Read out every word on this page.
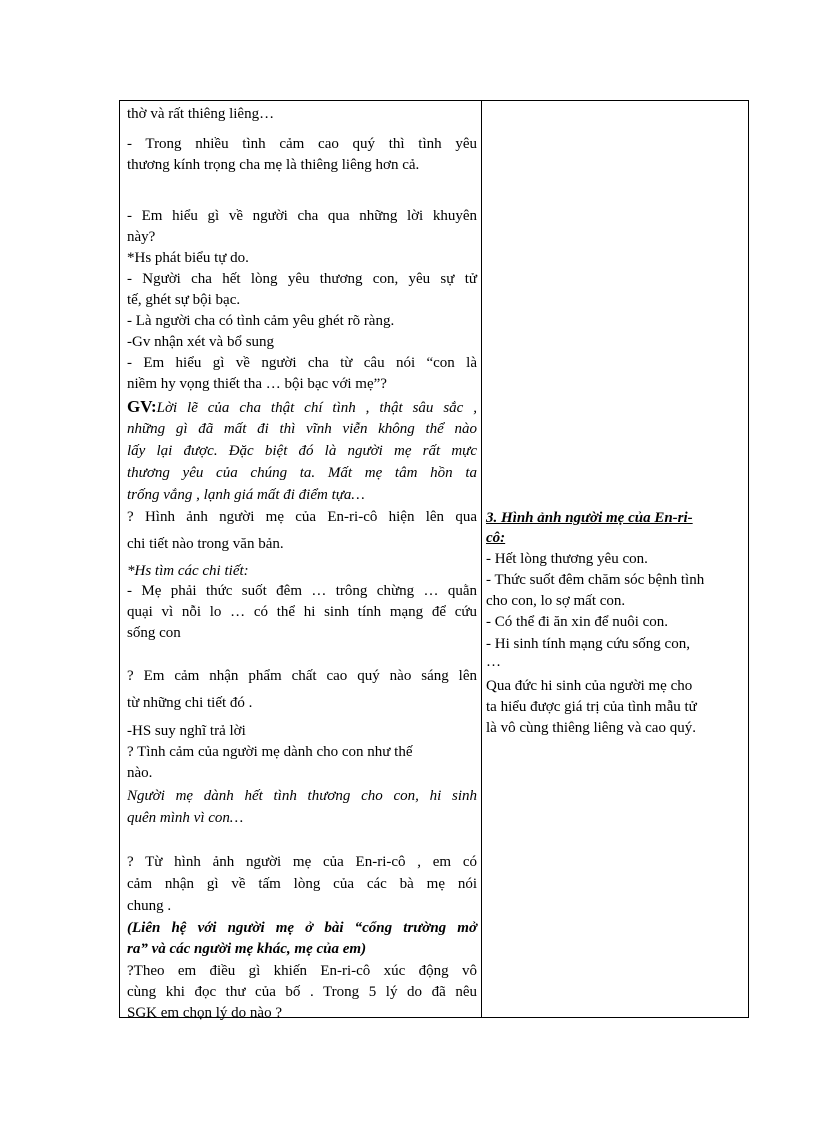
thờ và rất thiêng liêng…
- Trong nhiều tình cảm cao quý thì tình yêu
thương kính trọng cha mẹ là thiêng liêng hơn cả.
- Em hiểu gì về người cha qua những lời khuyên
này?
*Hs phát biểu tự do.
- Người cha hết lòng yêu thương con, yêu sự tử
tế, ghét sự bội bạc.
- Là người cha có tình cảm yêu ghét rõ ràng.
-Gv nhận xét và bổ sung
- Em hiểu gì về người cha từ câu nói “con là
niềm hy vọng thiết tha … bội bạc với mẹ”?
GV:Lời lẽ của cha thật chí tình , thật sâu sắc ,
những gì đã mất đi thì vĩnh viễn không thể nào
lấy lại được. Đặc biệt đó là người mẹ rất mực
thương yêu của chúng ta. Mất mẹ tâm hồn ta
trống vắng , lạnh giá mất đi điểm tựa…
? Hình ảnh người mẹ của En-ri-cô hiện lên qua
chi tiết nào trong văn bản.
*Hs tìm các chi tiết:
- Mẹ phải thức suốt đêm … trông chừng … quằn
quại vì nỗi lo … có thể hi sinh tính mạng để cứu
sống con
? Em cảm nhận phẩm chất cao quý nào sáng lên
từ những chi tiết đó .
-HS suy nghĩ trả lời
? Tình cảm của người mẹ dành cho con như thế
nào.
Người mẹ dành hết tình thương cho con, hi sinh
quên mình vì con…
? Từ hình ảnh người mẹ của En-ri-cô , em có
cảm nhận gì về tấm lòng của các bà mẹ nói
chung .
(Liên hệ với người mẹ ở bài “cổng trường mở
ra” và các người mẹ khác, mẹ của em)
?Theo em điều gì khiến En-ri-cô xúc động vô
cùng khi đọc thư của bố . Trong 5 lý do đã nêu
SGK em chọn lý do nào ?
3. Hình ảnh người mẹ của En-ri-
cô:
- Hết lòng thương yêu con.
- Thức suốt đêm chăm sóc bệnh tình
cho con, lo sợ mất con.
- Có thể đi ăn xin để nuôi con.
- Hi sinh tính mạng cứu sống con,
…
Qua đức hi sinh của người mẹ cho
ta hiểu được giá trị của tình mẫu tử
là vô cùng thiêng liêng và cao quý.
